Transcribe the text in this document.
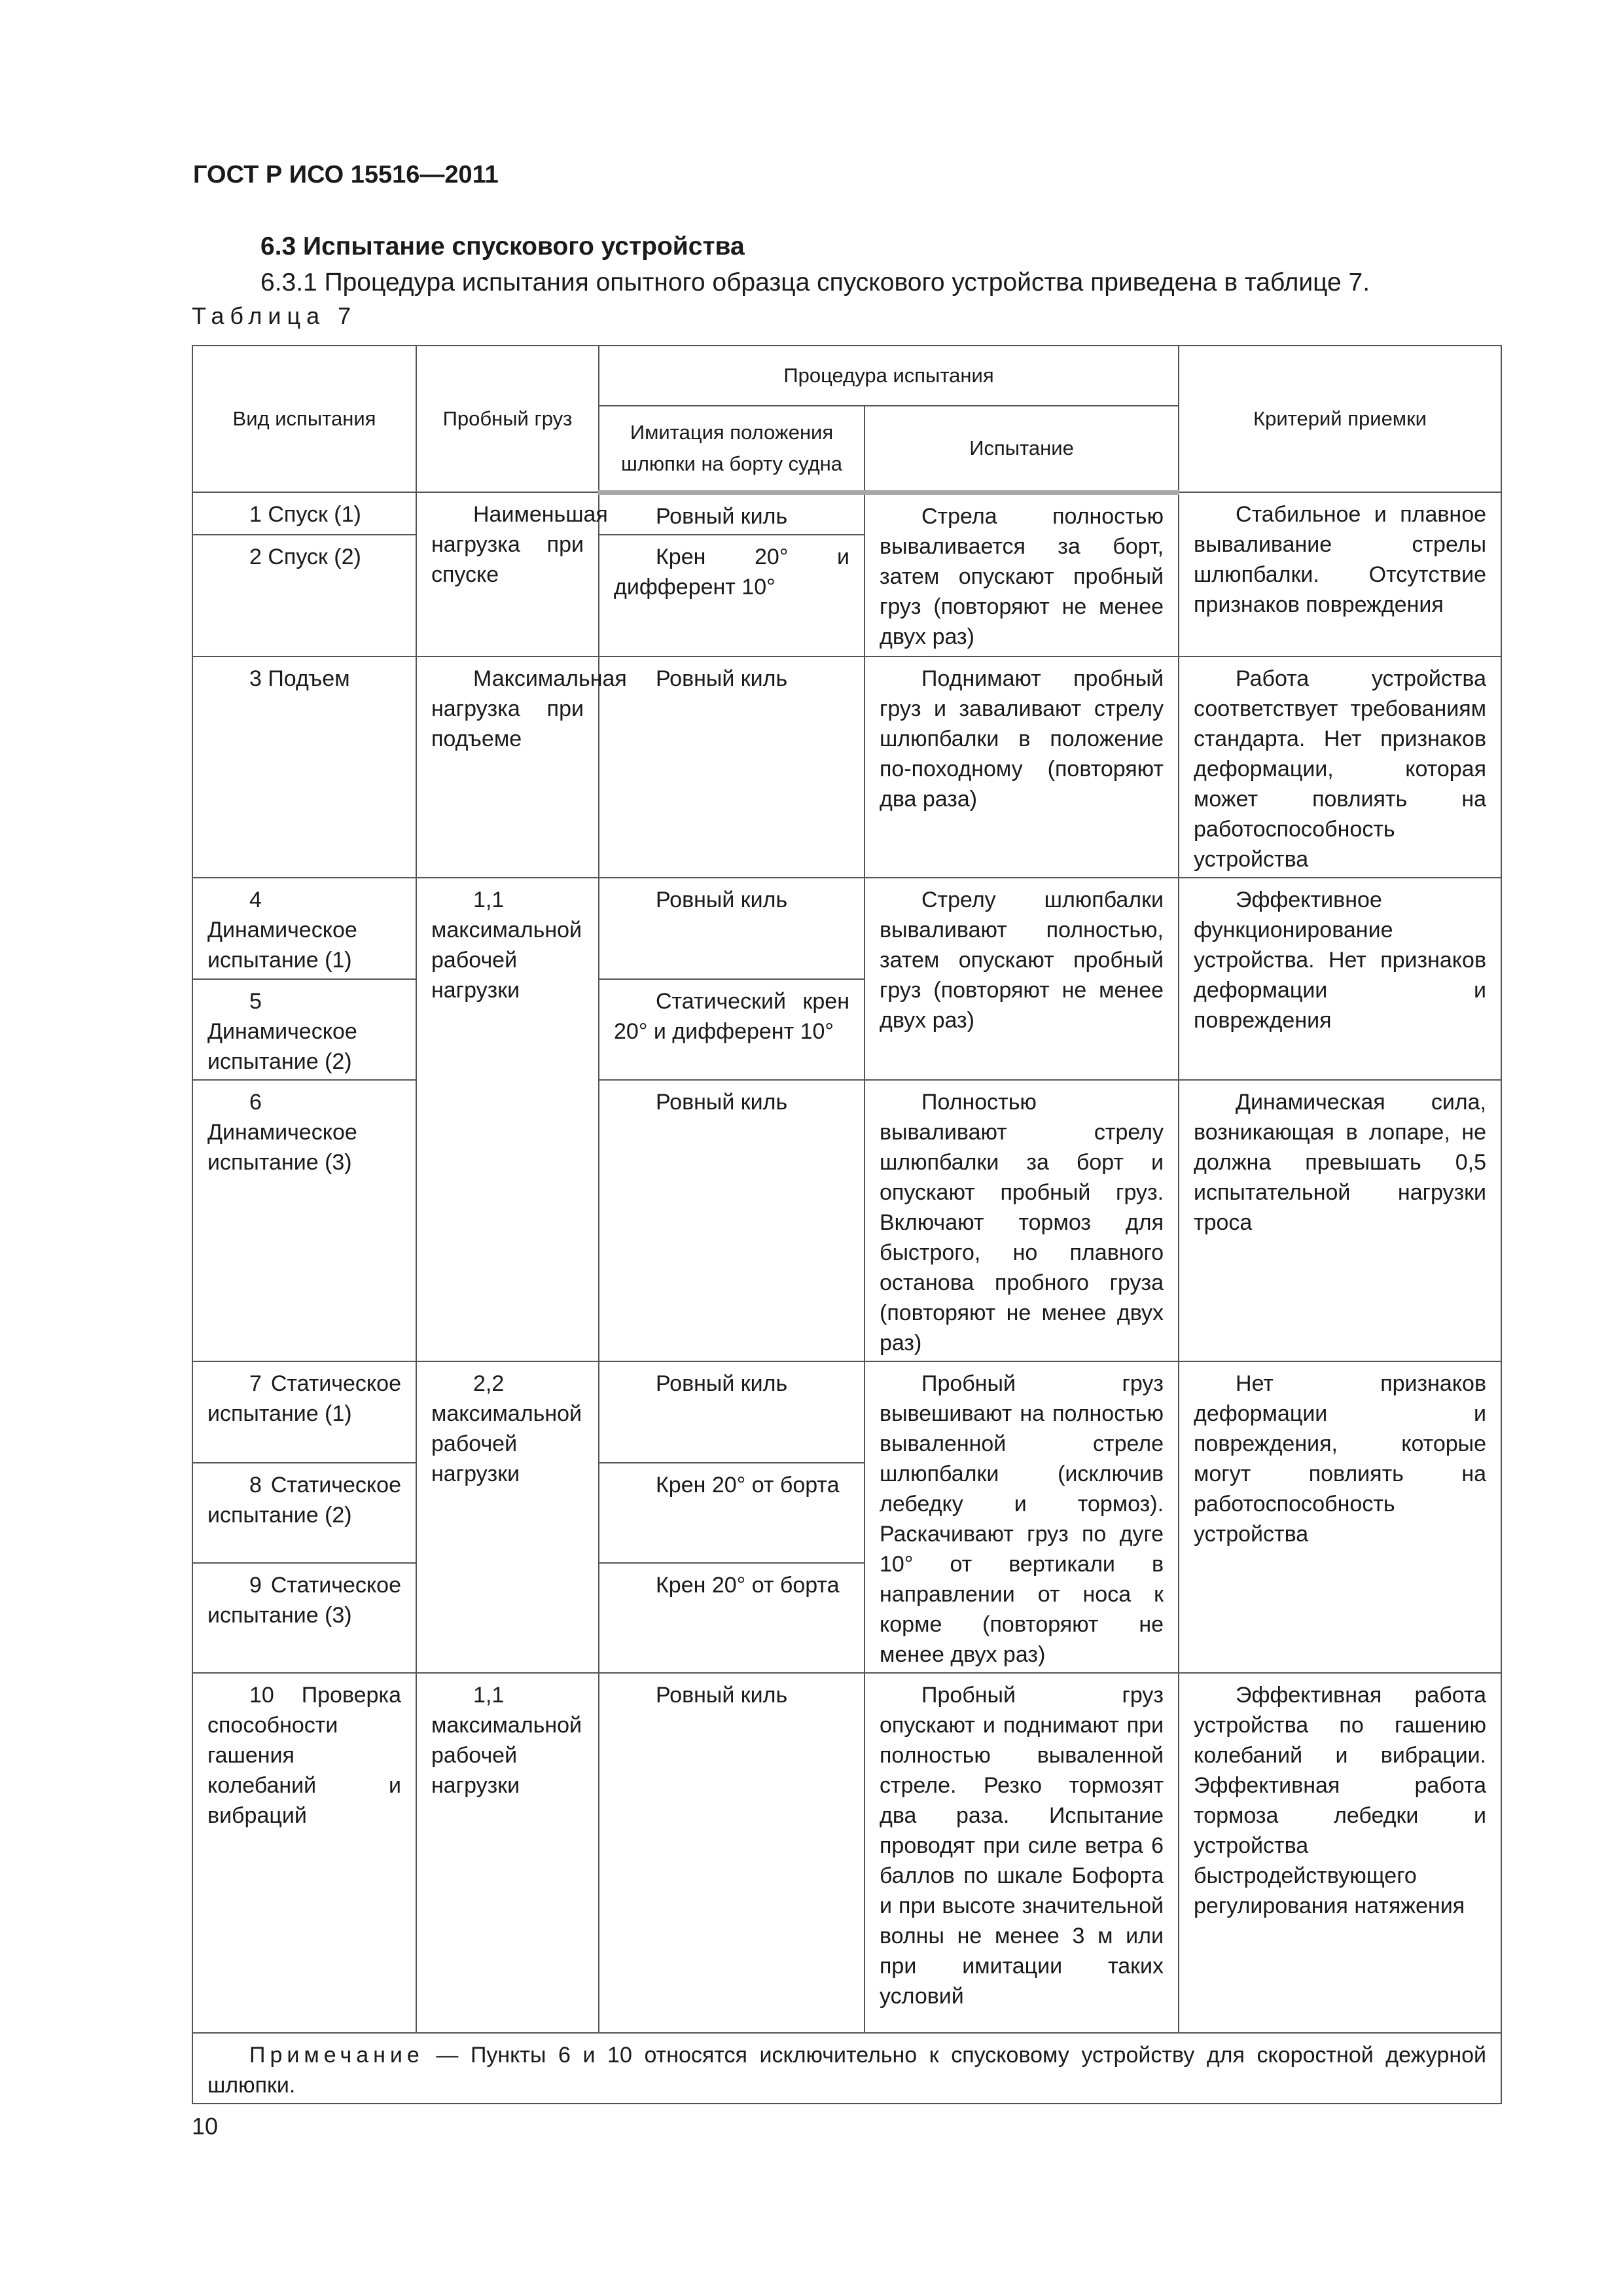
ГОСТ Р ИСО 15516—2011
6.3 Испытание спускового устройства
6.3.1 Процедура испытания опытного образца спускового устройства приведена в таблице 7.
Таблица 7
Вид испытания	Пробный груз	Процедура испытания		Критерий приемки
		Имитация положения шлюпки на борту судна	Испытание	
1 Спуск (1)	Наименьшая нагрузка при спуске	Ровный киль	Стрела полностью вываливается за борт, затем опускают пробный груз (повторяют не менее двух раз)	Стабильное и плавное вываливание стрелы шлюпбалки. Отсутствие признаков повреждения
2 Спуск (2)		Крен 20° и дифферент 10°		
3 Подъем	Максимальная нагрузка при подъеме	Ровный киль	Поднимают пробный груз и заваливают стрелу шлюпбалки в положение по-походному (повторяют два раза)	Работа устройства соответствует требованиям стандарта. Нет признаков деформации, которая может повлиять на работоспособность устройства
4 Динамическое испытание (1)	1,1 максимальной рабочей нагрузки	Ровный киль	Стрелу шлюпбалки вываливают полностью, затем опускают пробный груз (повторяют не менее двух раз)	Эффективное функционирование устройства. Нет признаков деформации и повреждения
5 Динамическое испытание (2)		Статический крен 20° и дифферент 10°		
6 Динамическое испытание (3)		Ровный киль	Полностью вываливают стрелу шлюпбалки за борт и опускают пробный груз. Включают тормоз для быстрого, но плавного останова пробного груза (повторяют не менее двух раз)	Динамическая сила, возникающая в лопаре, не должна превышать 0,5 испытательной нагрузки троса
7 Статическое испытание (1)	2,2 максимальной рабочей нагрузки	Ровный киль	Пробный груз вывешивают на полностью вываленной стреле шлюпбалки (исключив лебедку и тормоз). Раскачивают груз по дуге 10° от вертикали в направлении от носа к корме (повторяют не менее двух раз)	Нет признаков деформации и повреждения, которые могут повлиять на работоспособность устройства
8 Статическое испытание (2)		Крен 20° от борта		
9 Статическое испытание (3)		Крен 20° от борта		
10 Проверка способности гашения колебаний и вибраций	1,1 максимальной рабочей нагрузки	Ровный киль	Пробный груз опускают и поднимают при полностью вываленной стреле. Резко тормозят два раза. Испытание проводят при силе ветра 6 баллов по шкале Бофорта и при высоте значительной волны не менее 3 м или при имитации таких условий	Эффективная работа устройства по гашению колебаний и вибрации. Эффективная работа тормоза лебедки и устройства быстродействующего регулирования натяжения
Примечание — Пункты 6 и 10 относятся исключительно к спусковому устройству для скоростной дежурной шлюпки.				
10
